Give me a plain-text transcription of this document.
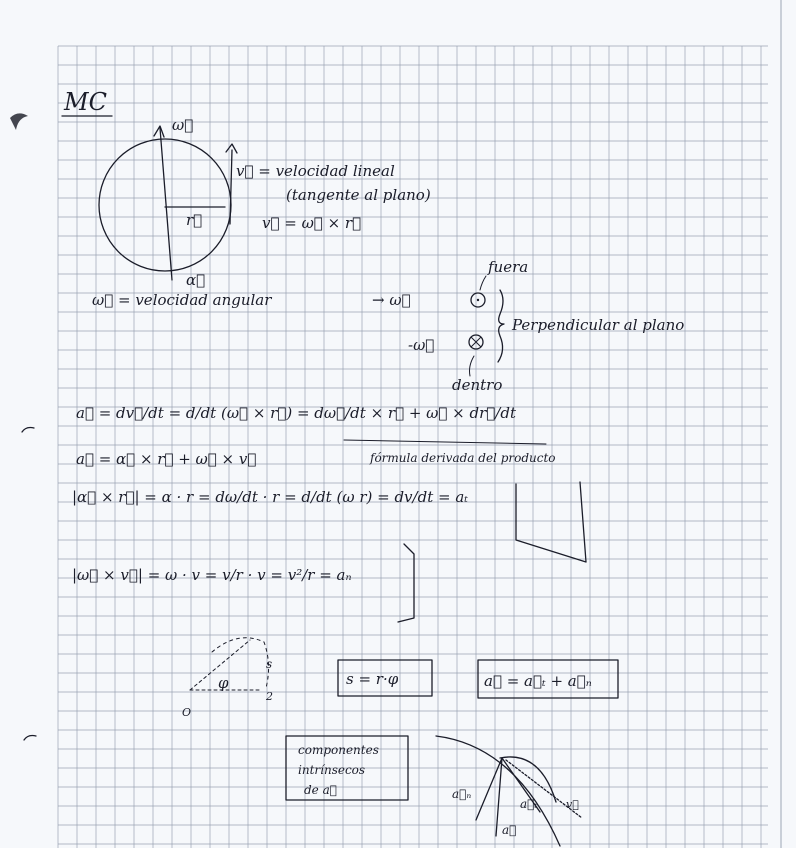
MC
ω⃗
r⃗
α⃗
v⃗ = velocidad lineal
(tangente al plano)
v⃗ = ω⃗ × r⃗
ω⃗ = velocidad angular	→ ω⃗
fuera
-ω⃗
Perpendicular al plano
dentro
a⃗ = dv⃗/dt = d/dt (ω⃗ × r⃗) = dω⃗/dt × r⃗ + ω⃗ × dr⃗/dt
a⃗ = α⃗ × r⃗ + ω⃗ × v⃗	fórmula derivada del producto
|α⃗ × r⃗| = α · r = dω/dt · r = d/dt (ω r) = dv/dt = aₜ
|ω⃗ × v⃗| = ω · v = v/r · v = v²/r = aₙ
O
φ
s
2
s = r·φ	a⃗ = a⃗ₜ + a⃗ₙ
componentes
intrínsecos
de a⃗	a⃗ₙ
a⃗ₜ	v⃗
a⃗
